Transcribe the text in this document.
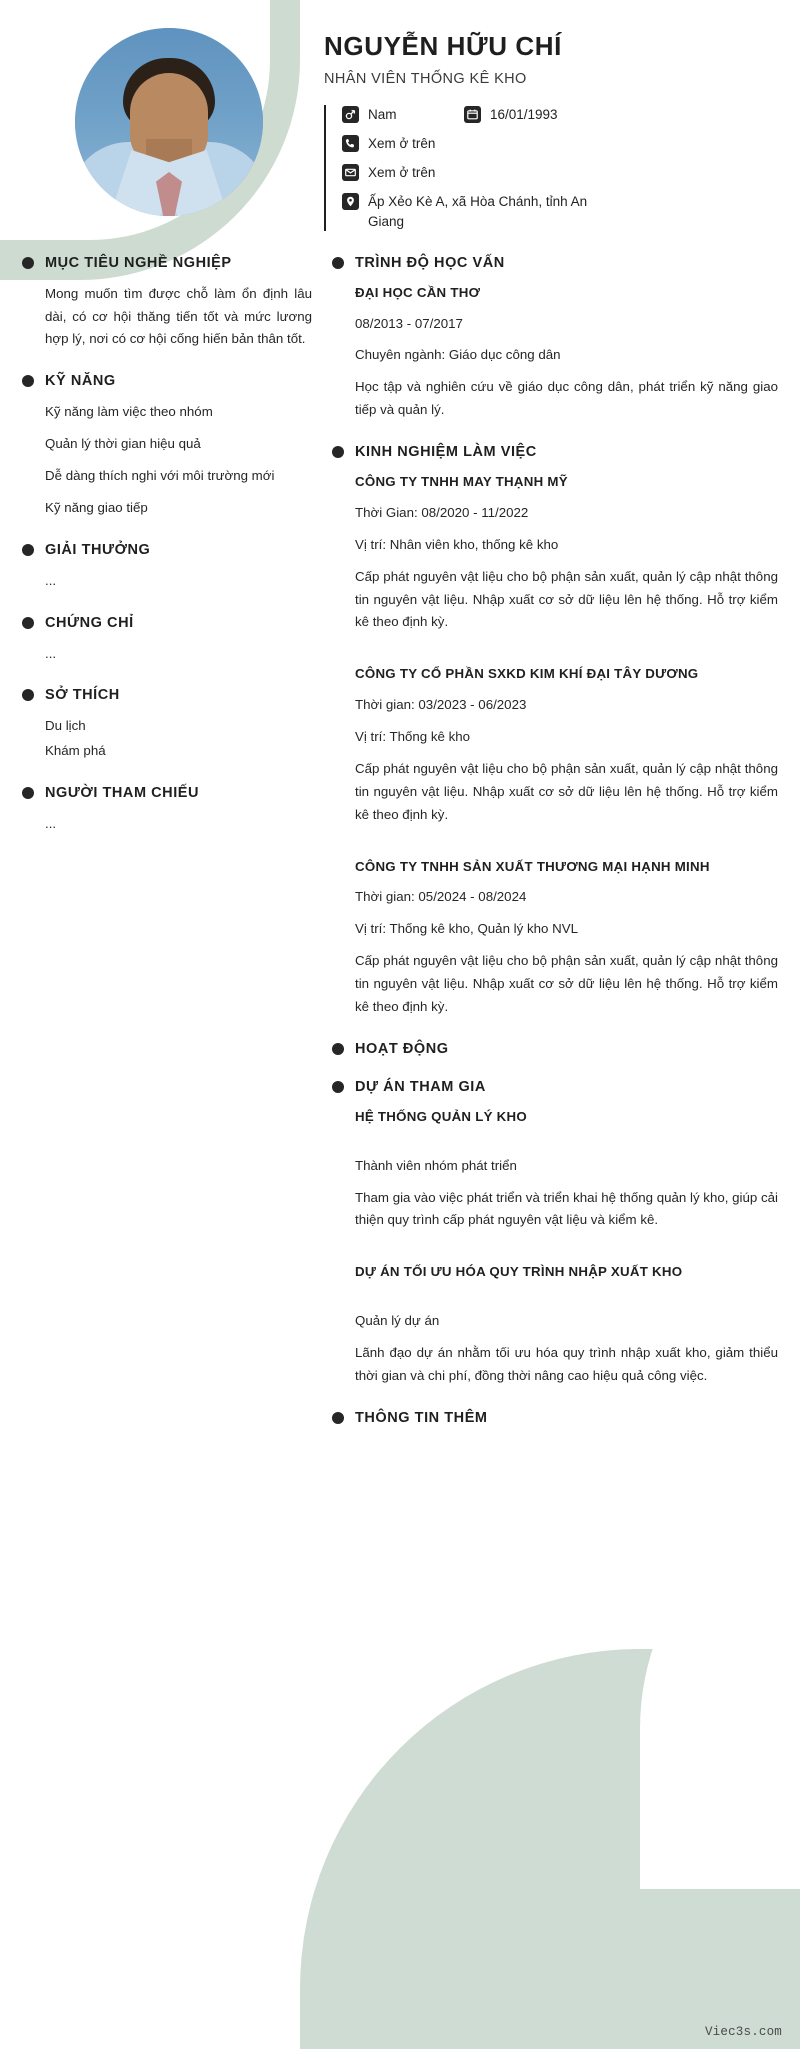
NGUYỄN HỮU CHÍ
NHÂN VIÊN THỐNG KÊ KHO
Nam	16/01/1993
Xem ở trên
Xem ở trên
Ấp Xẻo Kè A, xã Hòa Chánh, tỉnh An Giang
MỤC TIÊU NGHỀ NGHIỆP

Mong muốn tìm được chỗ làm ổn định lâu dài, có cơ hội thăng tiến tốt và mức lương hợp lý, nơi có cơ hội cống hiến bản thân tốt.

KỸ NĂNG
Kỹ năng làm việc theo nhóm
Quản lý thời gian hiệu quả
Dễ dàng thích nghi với môi trường mới
Kỹ năng giao tiếp
GIẢI THƯỞNG
...
CHỨNG CHỈ
...
SỞ THÍCH
Du lịch
Khám phá
NGƯỜI THAM CHIẾU
...
TRÌNH ĐỘ HỌC VẤN
ĐẠI HỌC CẦN THƠ
08/2013 - 07/2017
Chuyên ngành: Giáo dục công dân

Học tập và nghiên cứu về giáo dục công dân, phát triển kỹ năng giao tiếp và quản lý.

KINH NGHIỆM LÀM VIỆC
CÔNG TY TNHH MAY THẠNH MỸ
Thời Gian: 08/2020 - 11/2022
Vị trí: Nhân viên kho, thống kê kho

Cấp phát nguyên vật liệu cho bộ phận sản xuất, quản lý cập nhật thông tin nguyên vật liệu. Nhập xuất cơ sở dữ liệu lên hệ thống. Hỗ trợ kiểm kê theo định kỳ.

CÔNG TY CỔ PHẦN SXKD KIM KHÍ ĐẠI TÂY DƯƠNG
Thời gian: 03/2023 - 06/2023
Vị trí: Thống kê kho

Cấp phát nguyên vật liệu cho bộ phận sản xuất, quản lý cập nhật thông tin nguyên vật liệu. Nhập xuất cơ sở dữ liệu lên hệ thống. Hỗ trợ kiểm kê theo định kỳ.

CÔNG TY TNHH SẢN XUẤT THƯƠNG MẠI HẠNH MINH
Thời gian: 05/2024 - 08/2024
Vị trí: Thống kê kho, Quản lý kho NVL

Cấp phát nguyên vật liệu cho bộ phận sản xuất, quản lý cập nhật thông tin nguyên vật liệu. Nhập xuất cơ sở dữ liệu lên hệ thống. Hỗ trợ kiểm kê theo định kỳ.

HOẠT ĐỘNG
DỰ ÁN THAM GIA
HỆ THỐNG QUẢN LÝ KHO
Thành viên nhóm phát triển

Tham gia vào việc phát triển và triển khai hệ thống quản lý kho, giúp cải thiện quy trình cấp phát nguyên vật liệu và kiểm kê.

DỰ ÁN TỐI ƯU HÓA QUY TRÌNH NHẬP XUẤT KHO
Quản lý dự án

Lãnh đạo dự án nhằm tối ưu hóa quy trình nhập xuất kho, giảm thiểu thời gian và chi phí, đồng thời nâng cao hiệu quả công việc.

THÔNG TIN THÊM
Viec3s.com
